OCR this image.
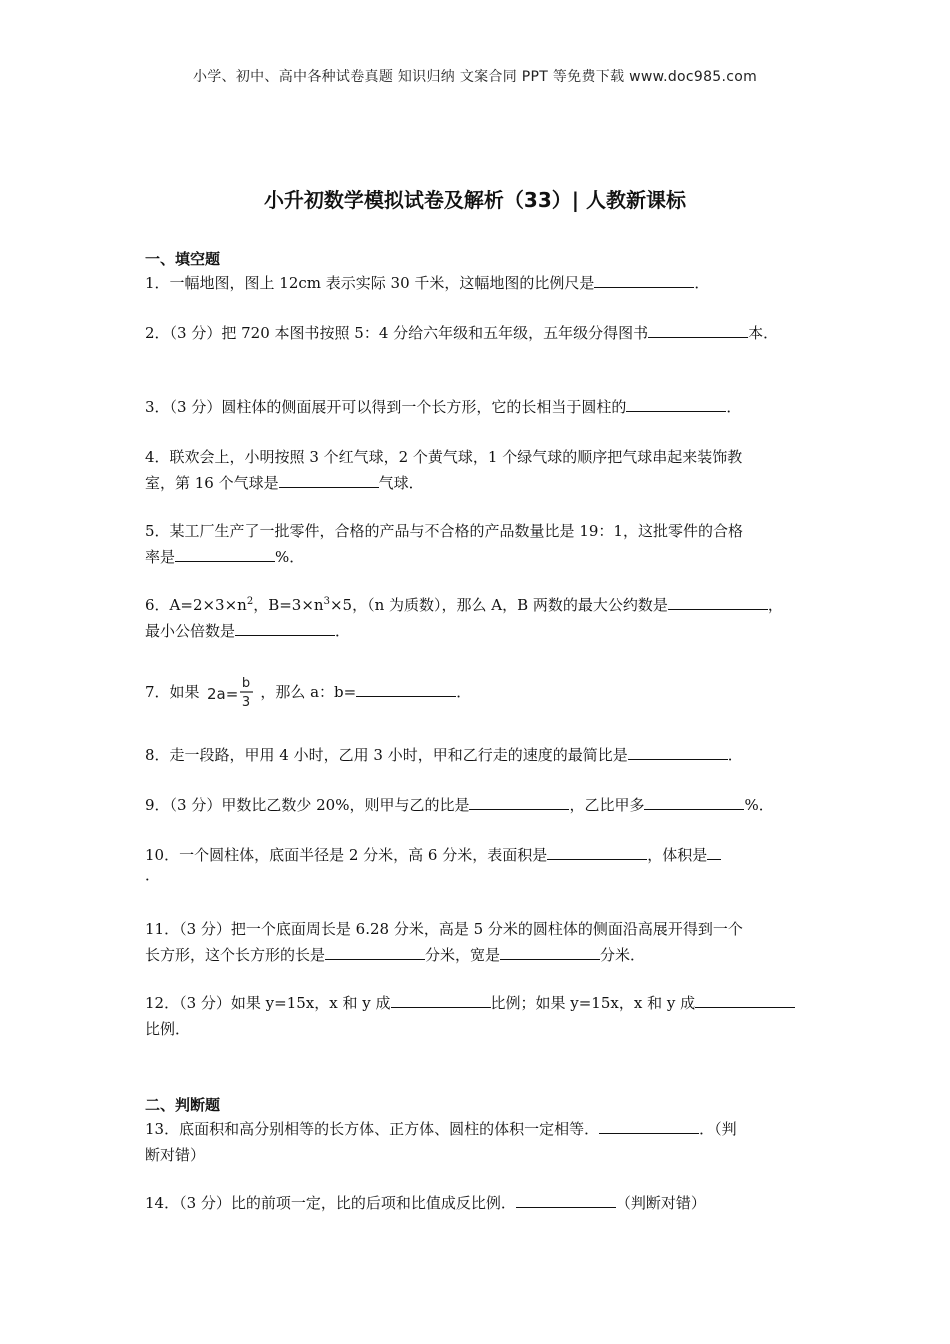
小学、初中、高中各种试卷真题 知识归纳 文案合同 PPT 等免费下载 www.doc985.com
小升初数学模拟试卷及解析（33）| 人教新课标
一、填空题
1．一幅地图，图上 12cm 表示实际 30 千米，这幅地图的比例尺是	．
2．（3 分）把 720 本图书按照 5：4 分给六年级和五年级，五年级分得图书	本．
3．（3 分）圆柱体的侧面展开可以得到一个长方形，它的长相当于圆柱的	．
4．联欢会上，小明按照 3 个红气球，2 个黄气球，1 个绿气球的顺序把气球串起来装饰教
室，第 16 个气球是	气球．
5．某工厂生产了一批零件，合格的产品与不合格的产品数量比是 19：1，这批零件的合格
率是	%．
6．$A=2\times 3\times n^2$，$B=3\times n^3\times 5$，（n 为质数），那么 A，B 两数的最大公约数是	，
最小公倍数是	．
7．如果 2a=
b
3
，那么 a：b=	．
8．走一段路，甲用 4 小时，乙用 3 小时，甲和乙行走的速度的最简比是	．
9．（3 分）甲数比乙数少 20%，则甲与乙的比是	，乙比甲多	%．
10．一个圆柱体，底面半径是 2 分米，高 6 分米，表面积是	，体积是
．
11．（3 分）把一个底面周长是 6.28 分米，高是 5 分米的圆柱体的侧面沿高展开得到一个
长方形，这个长方形的长是	分米，宽是	分米．
12．（3 分）如果 y=15x，x 和 y 成	比例；如果 y=15x，x 和 y 成
比例．
二、判断题
13．底面积和高分别相等的长方体、正方体、圆柱的体积一定相等．	．（判
断对错）
14．（3 分）比的前项一定，比的后项和比值成反比例．	（判断对错）
